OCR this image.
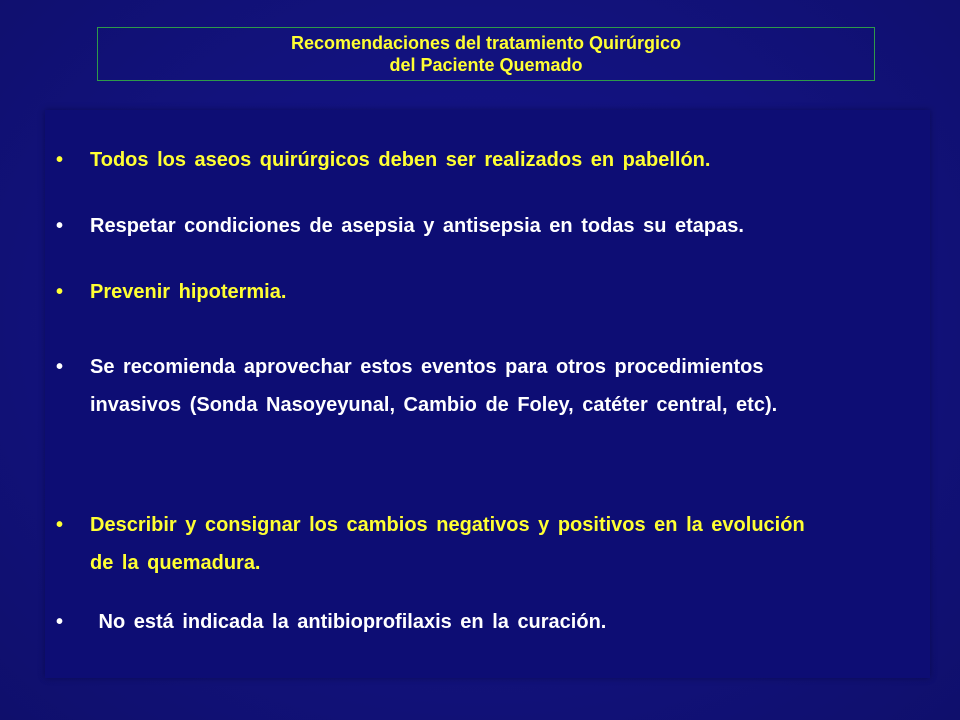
Recomendaciones del tratamiento Quirúrgico
del Paciente Quemado
•	Todos los aseos quirúrgicos deben ser realizados en pabellón.
•	Respetar condiciones de asepsia y antisepsia en todas su etapas.
•	Prevenir hipotermia.
•	Se recomienda aprovechar estos eventos para otros procedimientos invasivos (Sonda Nasoyeyunal, Cambio de Foley, catéter central, etc).
•	Describir y consignar los cambios negativos y positivos en la evolución de la quemadura.
•	No está indicada la antibioprofilaxis en la curación.
